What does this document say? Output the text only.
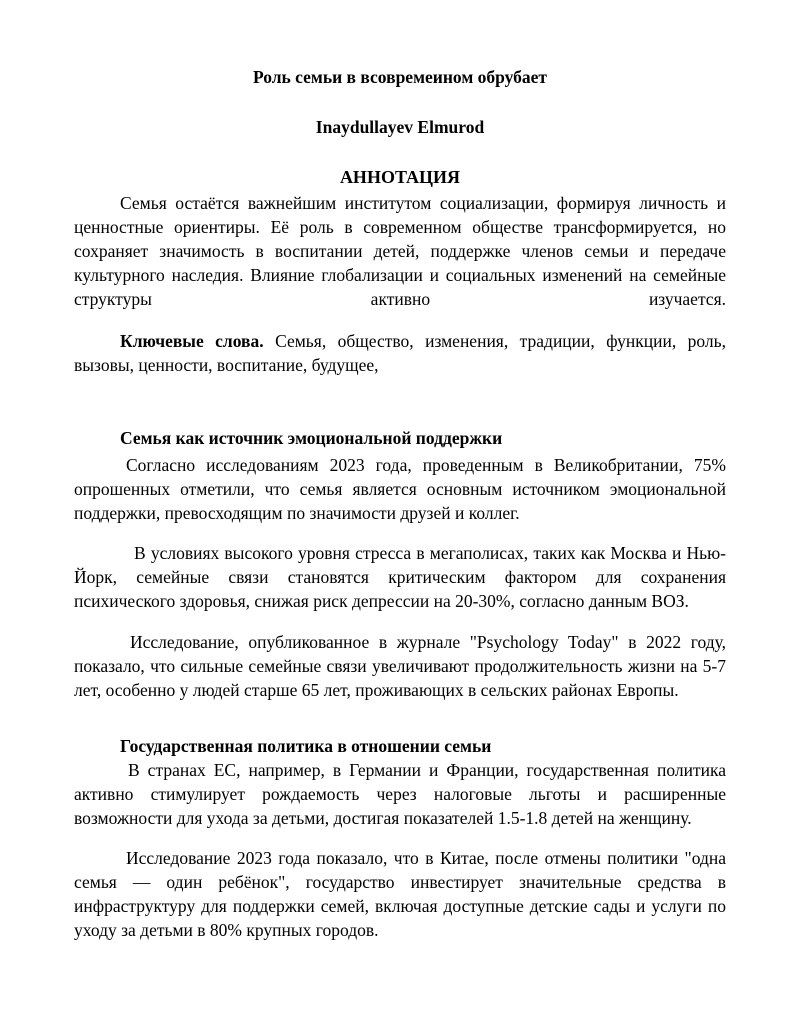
Роль семьи в всовремеином обрубает
Inaydullayev Elmurod
АННОТАЦИЯ
Семья остаётся важнейшим институтом социализации, формируя личность и ценностные ориентиры. Её роль в современном обществе трансформируется, но сохраняет значимость в воспитании детей, поддержке членов семьи и передаче культурного наследия. Влияние глобализации и социальных изменений на семейные структуры активно изучается.
Ключевые слова. Семья, общество, изменения, традиции, функции, роль, вызовы, ценности, воспитание, будущее,
Семья как источник эмоциональной поддержки
Согласно исследованиям 2023 года, проведенным в Великобритании, 75% опрошенных отметили, что семья является основным источником эмоциональной поддержки, превосходящим по значимости друзей и коллег.
В условиях высокого уровня стресса в мегаполисах, таких как Москва и Нью-Йорк, семейные связи становятся критическим фактором для сохранения психического здоровья, снижая риск депрессии на 20-30%, согласно данным ВОЗ.
Исследование, опубликованное в журнале "Psychology Today" в 2022 году, показало, что сильные семейные связи увеличивают продолжительность жизни на 5-7 лет, особенно у людей старше 65 лет, проживающих в сельских районах Европы.
Государственная политика в отношении семьи
В странах ЕС, например, в Германии и Франции, государственная политика активно стимулирует рождаемость через налоговые льготы и расширенные возможности для ухода за детьми, достигая показателей 1.5-1.8 детей на женщину.
Исследование 2023 года показало, что в Китае, после отмены политики "одна семья — один ребёнок", государство инвестирует значительные средства в инфраструктуру для поддержки семей, включая доступные детские сады и услуги по уходу за детьми в 80% крупных городов.
